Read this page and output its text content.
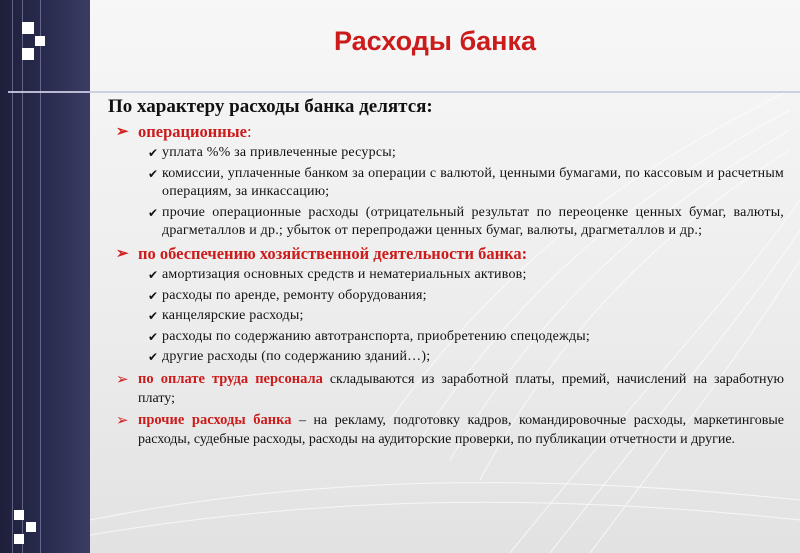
Расходы банка
По характеру расходы банка делятся:
➢ операционные:
✔ уплата %% за привлеченные ресурсы;
✔ комиссии, уплаченные банком за операции с валютой, ценными бумагами, по кассовым и расчетным операциям, за инкассацию;
✔ прочие операционные расходы (отрицательный результат по переоценке ценных бумаг, валюты, драгметаллов и др.; убыток от перепродажи ценных бумаг, валюты, драгметаллов и др.;
➢ по обеспечению хозяйственной деятельности банка:
✔ амортизация основных средств и нематериальных активов;
✔ расходы по аренде, ремонту оборудования;
✔ канцелярские расходы;
✔ расходы по содержанию автотранспорта, приобретению спецодежды;
✔ другие расходы (по содержанию зданий…);
➢ по оплате труда персонала складываются из заработной платы, премий, начислений на заработную плату;
➢ прочие расходы банка – на рекламу, подготовку кадров, командировочные расходы, маркетинговые расходы, судебные расходы, расходы на аудиторские проверки, по публикации отчетности и другие.
